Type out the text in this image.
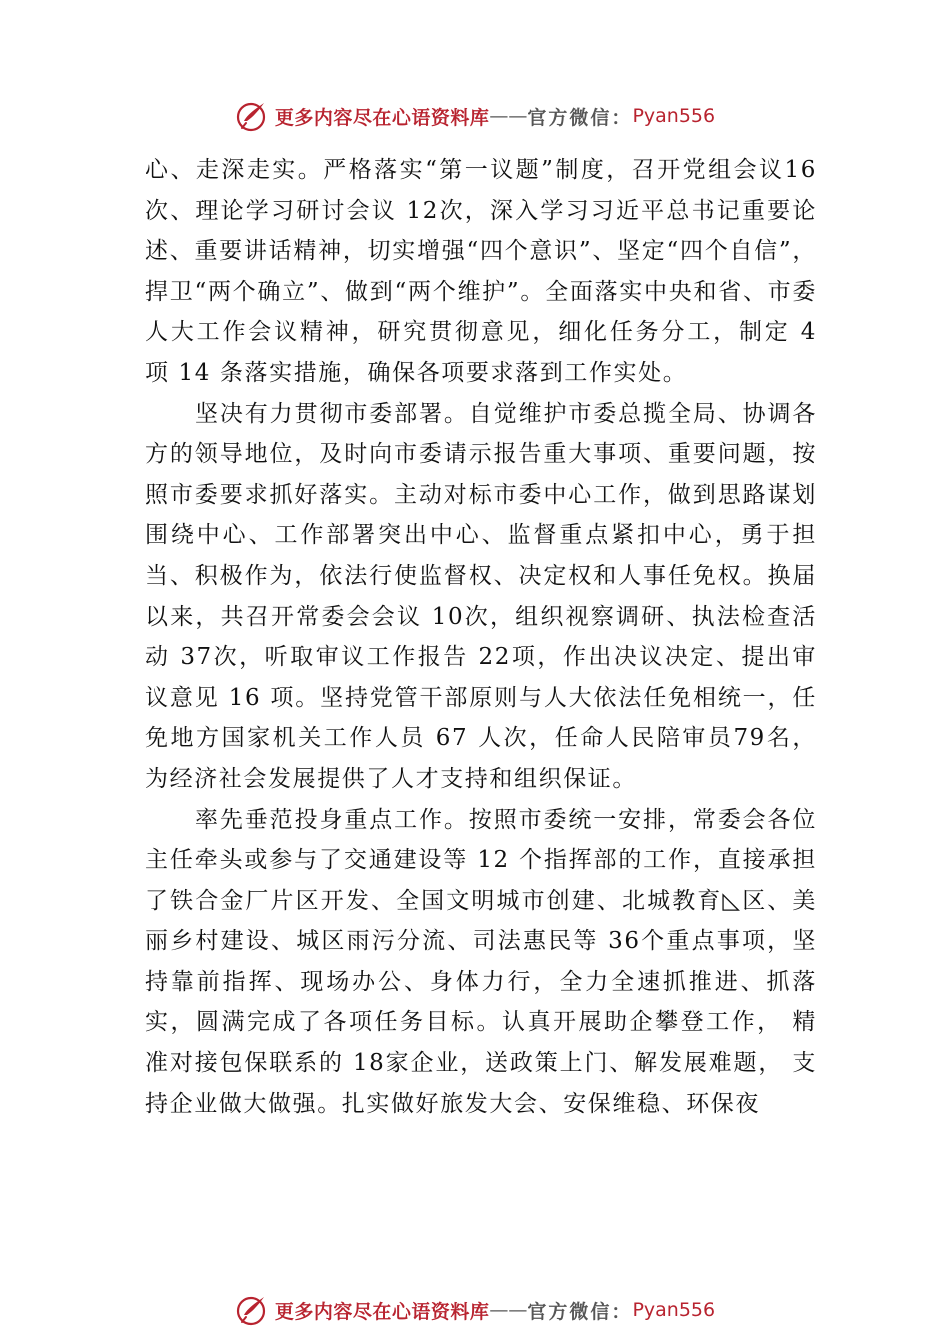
更多内容尽在心语资料库 —— 官方微信： Pyan556

心、走深走实。严格落实“第一议题”制度，召开党组会议16次、理论学习研讨会议 12次，深入学习习近平总书记重要论述、重要讲话精神，切实增强“四个意识”、坚定“四个自信”，捍卫“两个确立”、做到“两个维护”。全面落实中央和省、市委人大工作会议精神，研究贯彻意见，细化任务分工，制定 4 项 14 条落实措施，确保各项要求落到工作实处。

坚决有力贯彻市委部署。自觉维护市委总揽全局、协调各方的领导地位，及时向市委请示报告重大事项、重要问题，按照市委要求抓好落实。主动对标市委中心工作，做到思路谋划围绕中心、工作部署突出中心、监督重点紧扣中心，勇于担当、积极作为，依法行使监督权、决定权和人事任免权。换届以来，共召开常委会会议 10次，组织视察调研、执法检查活动 37次，听取审议工作报告 22项，作出决议决定、提出审议意见 16 项。坚持党管干部原则与人大依法任免相统一，任免地方国家机关工作人员 67 人次，任命人民陪审员79名，为经济社会发展提供了人才支持和组织保证。

率先垂范投身重点工作。按照市委统一安排，常委会各位主任牵头或参与了交通建设等 12 个指挥部的工作，直接承担了铁合金厂片区开发、全国文明城市创建、北城教育◺区、美丽乡村建设、城区雨污分流、司法惠民等 36个重点事项，坚持靠前指挥、现场办公、身体力行，全力全速抓推进、抓落实，圆满完成了各项任务目标。认真开展助企攀登工作， 精准对接包保联系的 18家企业，送政策上门、解发展难题， 支持企业做大做强。扎实做好旅发大会、安保维稳、环保夜

更多内容尽在心语资料库 —— 官方微信： Pyan556
